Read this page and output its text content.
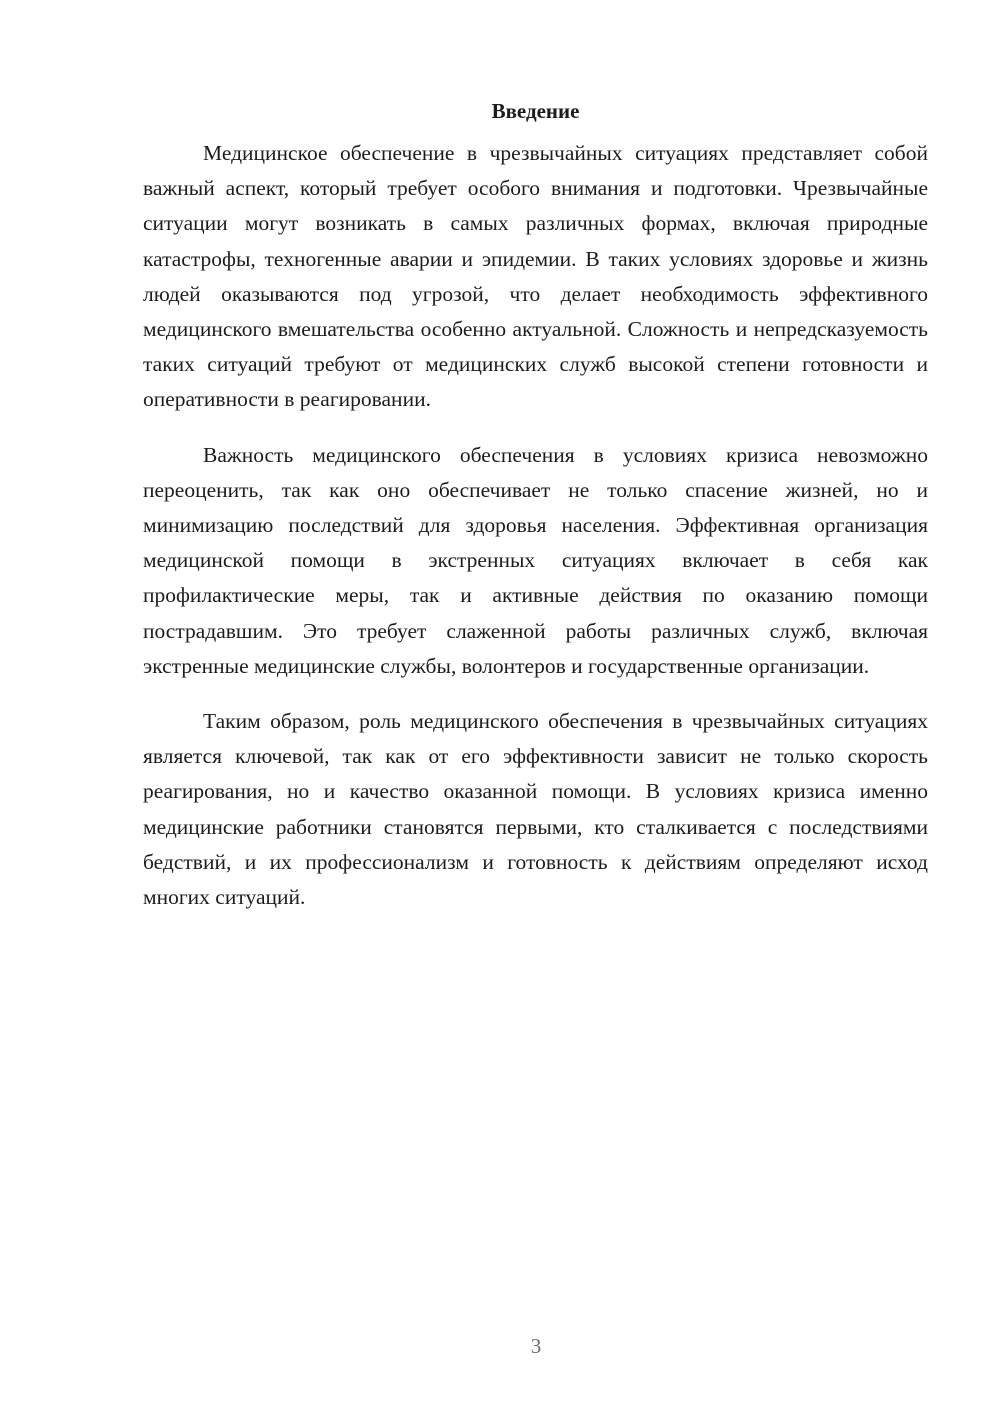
Введение

Медицинское обеспечение в чрезвычайных ситуациях представляет собой важный аспект, который требует особого внимания и подготовки. Чрезвычайные ситуации могут возникать в самых различных формах, включая природные катастрофы, техногенные аварии и эпидемии. В таких условиях здоровье и жизнь людей оказываются под угрозой, что делает необходимость эффективного медицинского вмешательства особенно актуальной. Сложность и непредсказуемость таких ситуаций требуют от медицинских служб высокой степени готовности и оперативности в реагировании.

Важность медицинского обеспечения в условиях кризиса невозможно переоценить, так как оно обеспечивает не только спасение жизней, но и минимизацию последствий для здоровья населения. Эффективная организация медицинской помощи в экстренных ситуациях включает в себя как профилактические меры, так и активные действия по оказанию помощи пострадавшим. Это требует слаженной работы различных служб, включая экстренные медицинские службы, волонтеров и государственные организации.

Таким образом, роль медицинского обеспечения в чрезвычайных ситуациях является ключевой, так как от его эффективности зависит не только скорость реагирования, но и качество оказанной помощи. В условиях кризиса именно медицинские работники становятся первыми, кто сталкивается с последствиями бедствий, и их профессионализм и готовность к действиям определяют исход многих ситуаций.

3
